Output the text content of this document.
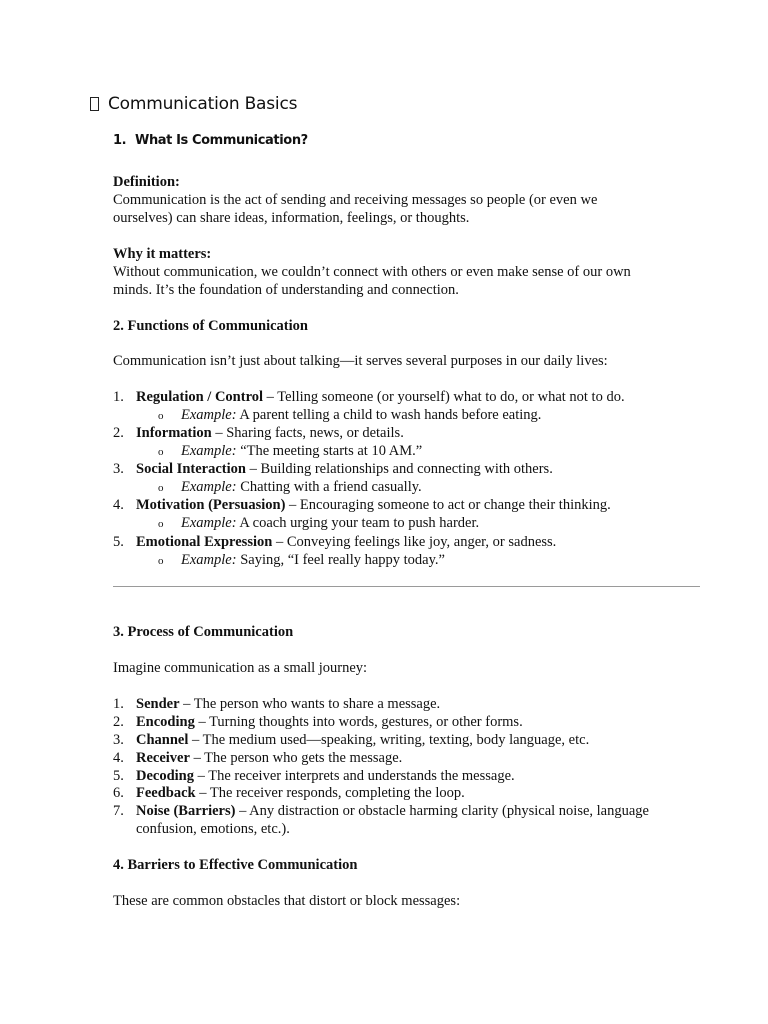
Communication Basics
1. What Is Communication?
Definition:
Communication is the act of sending and receiving messages so people (or even we
ourselves) can share ideas, information, feelings, or thoughts.
Why it matters:
Without communication, we couldn’t connect with others or even make sense of our own
minds. It’s the foundation of understanding and connection.
2. Functions of Communication
Communication isn’t just about talking—it serves several purposes in our daily lives:
1. Regulation / Control – Telling someone (or yourself) what to do, or what not to do.
o Example: A parent telling a child to wash hands before eating.
2. Information – Sharing facts, news, or details.
o Example: “The meeting starts at 10 AM.”
3. Social Interaction – Building relationships and connecting with others.
o Example: Chatting with a friend casually.
4. Motivation (Persuasion) – Encouraging someone to act or change their thinking.
o Example: A coach urging your team to push harder.
5. Emotional Expression – Conveying feelings like joy, anger, or sadness.
o Example: Saying, “I feel really happy today.”
3. Process of Communication
Imagine communication as a small journey:
1. Sender – The person who wants to share a message.
2. Encoding – Turning thoughts into words, gestures, or other forms.
3. Channel – The medium used—speaking, writing, texting, body language, etc.
4. Receiver – The person who gets the message.
5. Decoding – The receiver interprets and understands the message.
6. Feedback – The receiver responds, completing the loop.
7. Noise (Barriers) – Any distraction or obstacle harming clarity (physical noise, language
confusion, emotions, etc.).
4. Barriers to Effective Communication
These are common obstacles that distort or block messages:
